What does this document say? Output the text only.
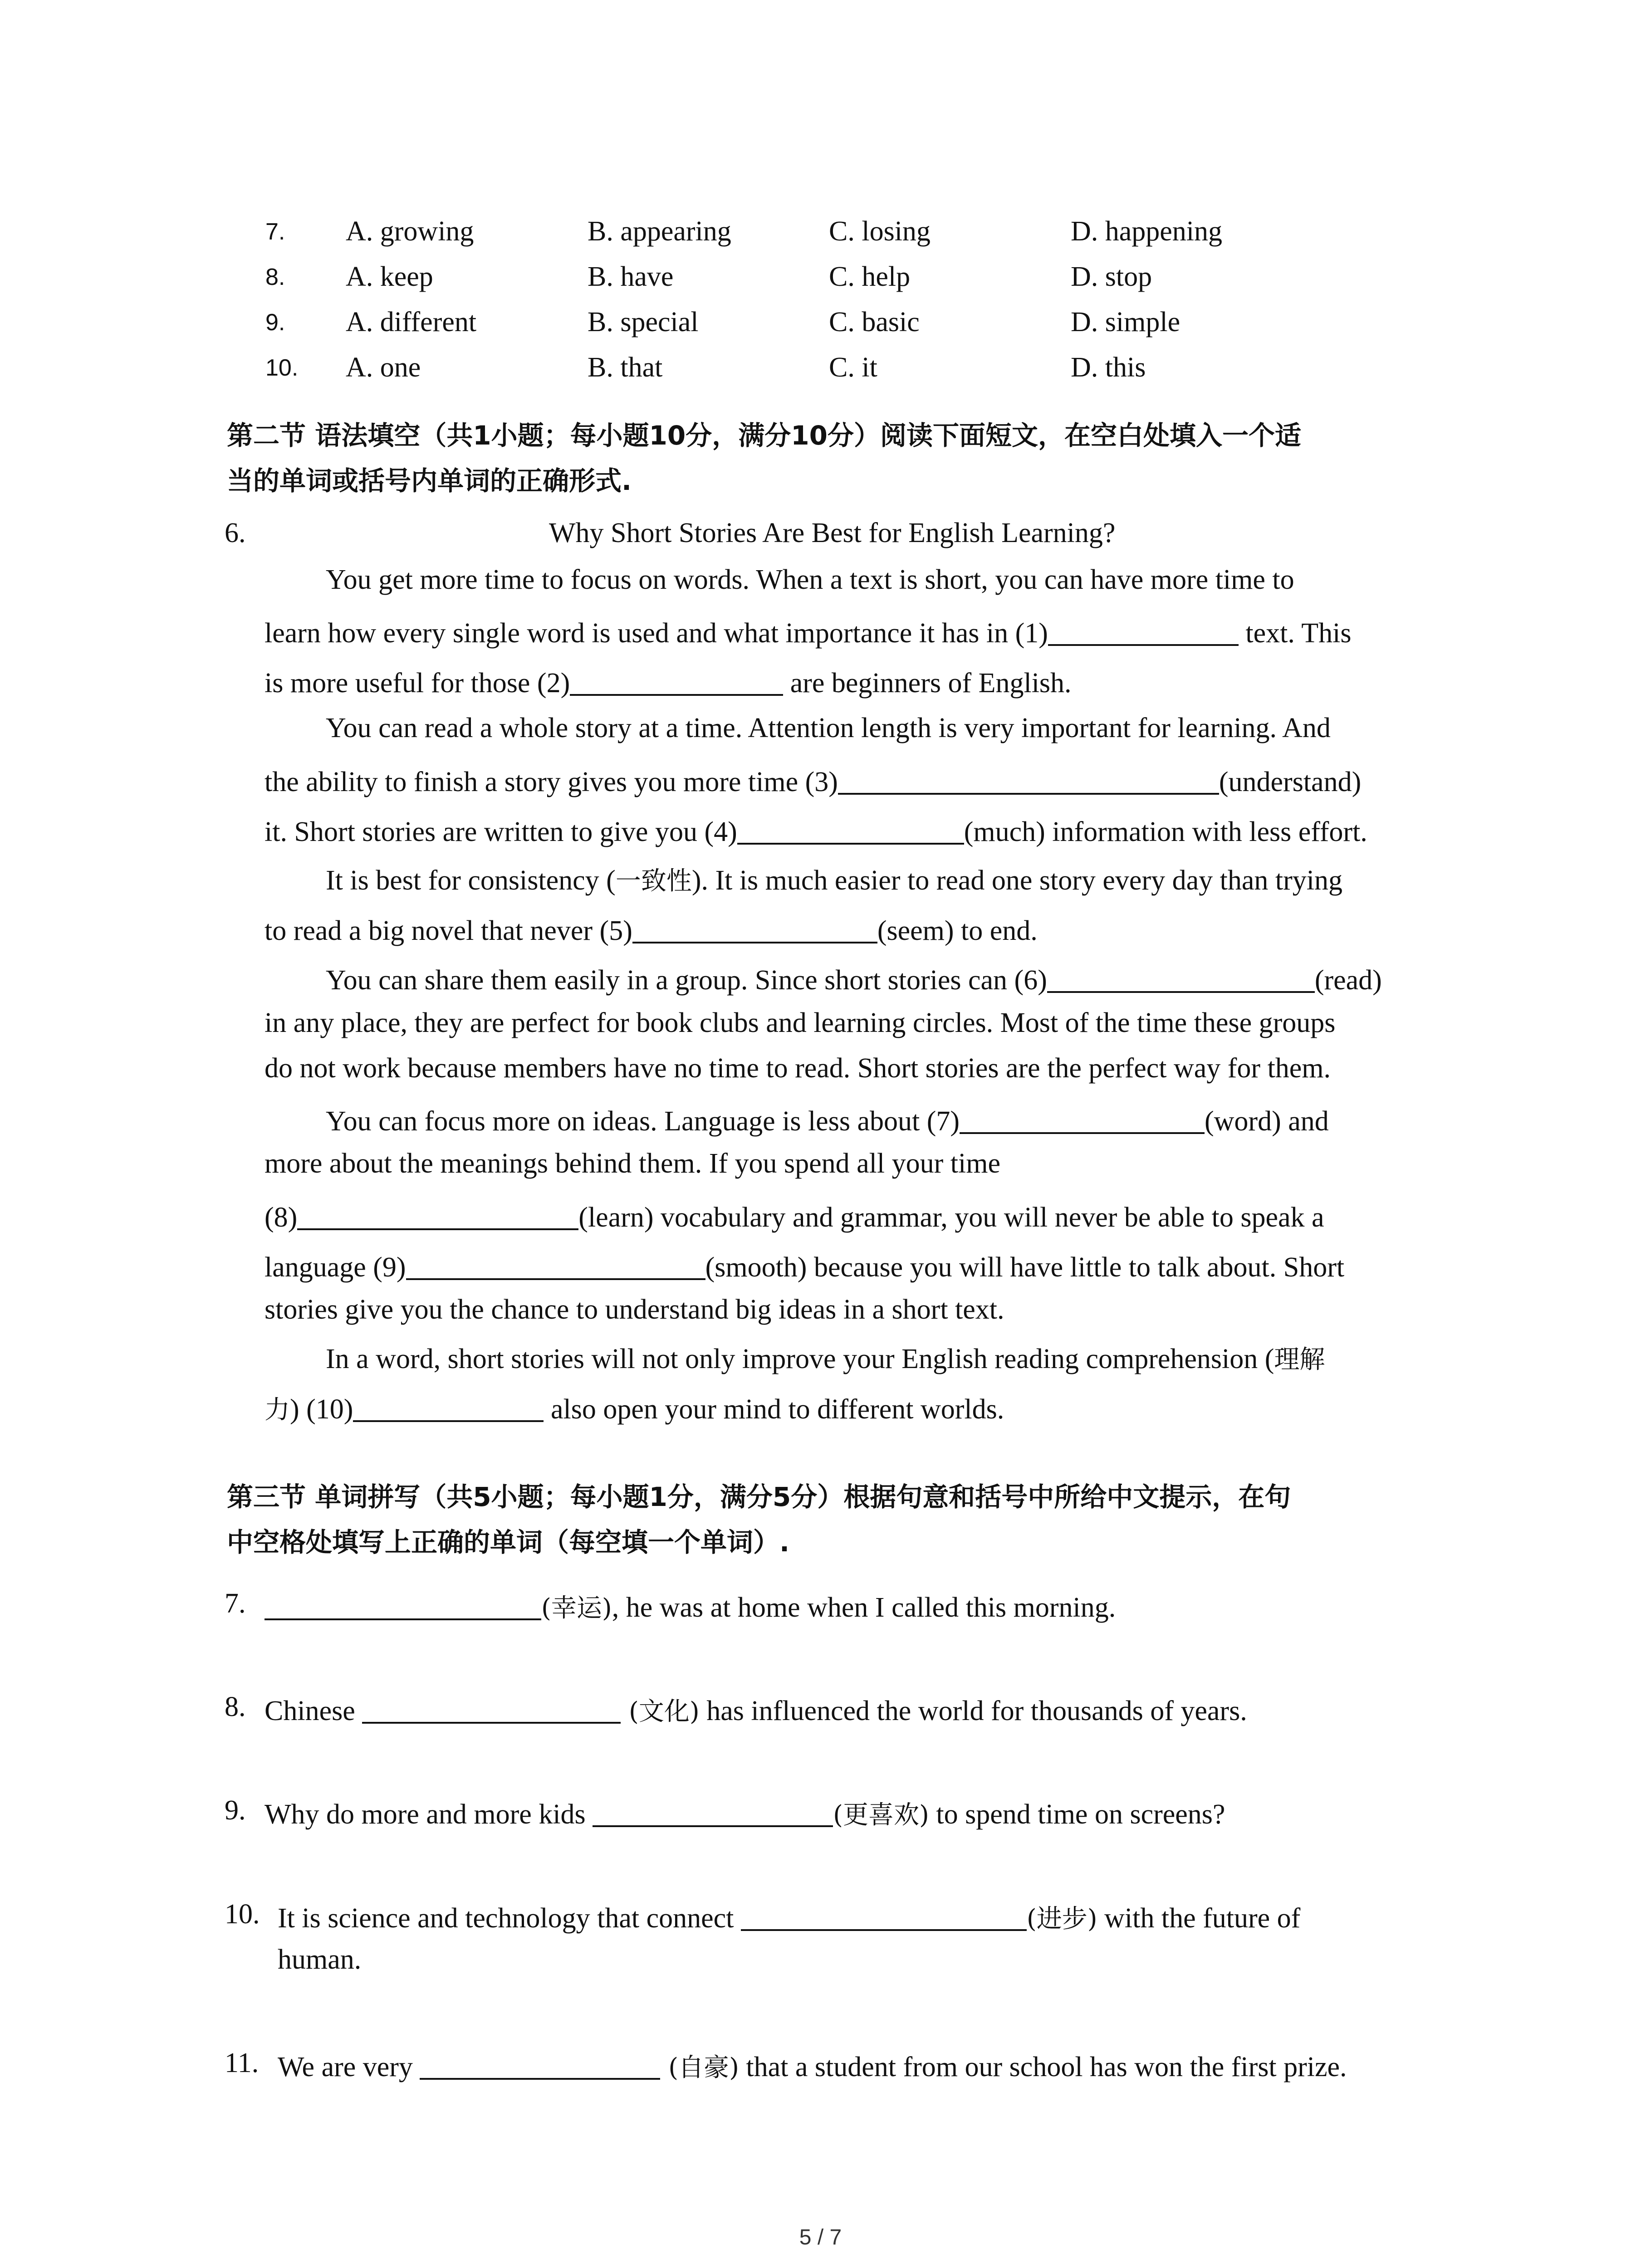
7. A. growing	B. appearing	C. losing	D. happening
8. A. keep	B. have	C. help	D. stop
9. A. different	B. special	C. basic	D. simple
10. A. one	B. that	C. it	D. this
第二节 语法填空（共1小题；每小题10分，满分10分）阅读下面短文，在空白处填入一个适
当的单词或括号内单词的正确形式.
6.	Why Short Stories Are Best for English Learning?
You get more time to focus on words. When a text is short, you can have more time to
learn how every single word is used and what importance it has in (1)	text. This
is more useful for those (2)	are beginners of English.
You can read a whole story at a time. Attention length is very important for learning. And
the ability to finish a story gives you more time (3)	(understand)
it. Short stories are written to give you (4)	(much) information with less effort.
It is best for consistency (一致性). It is much easier to read one story every day than trying
to read a big novel that never (5)	(seem) to end.
You can share them easily in a group. Since short stories can (6)	(read)
in any place, they are perfect for book clubs and learning circles. Most of the time these groups
do not work because members have no time to read. Short stories are the perfect way for them.
You can focus more on ideas. Language is less about (7)	(word) and
more about the meanings behind them. If you spend all your time
(8)	(learn) vocabulary and grammar, you will never be able to speak a
language (9)	(smooth) because you will have little to talk about. Short
stories give you the chance to understand big ideas in a short text.
In a word, short stories will not only improve your English reading comprehension (理解
力) (10)	also open your mind to different worlds.
第三节 单词拼写（共5小题；每小题1分，满分5分）根据句意和括号中所给中文提示，在句
中空格处填写上正确的单词（每空填一个单词）.
7.	(幸运), he was at home when I called this morning.
8. Chinese	(文化) has influenced the world for thousands of years.
9. Why do more and more kids	(更喜欢) to spend time on screens?
10. It is science and technology that connect	(进步) with the future of
human.
11. We are very	(自豪) that a student from our school has won the first prize.
5 / 7
